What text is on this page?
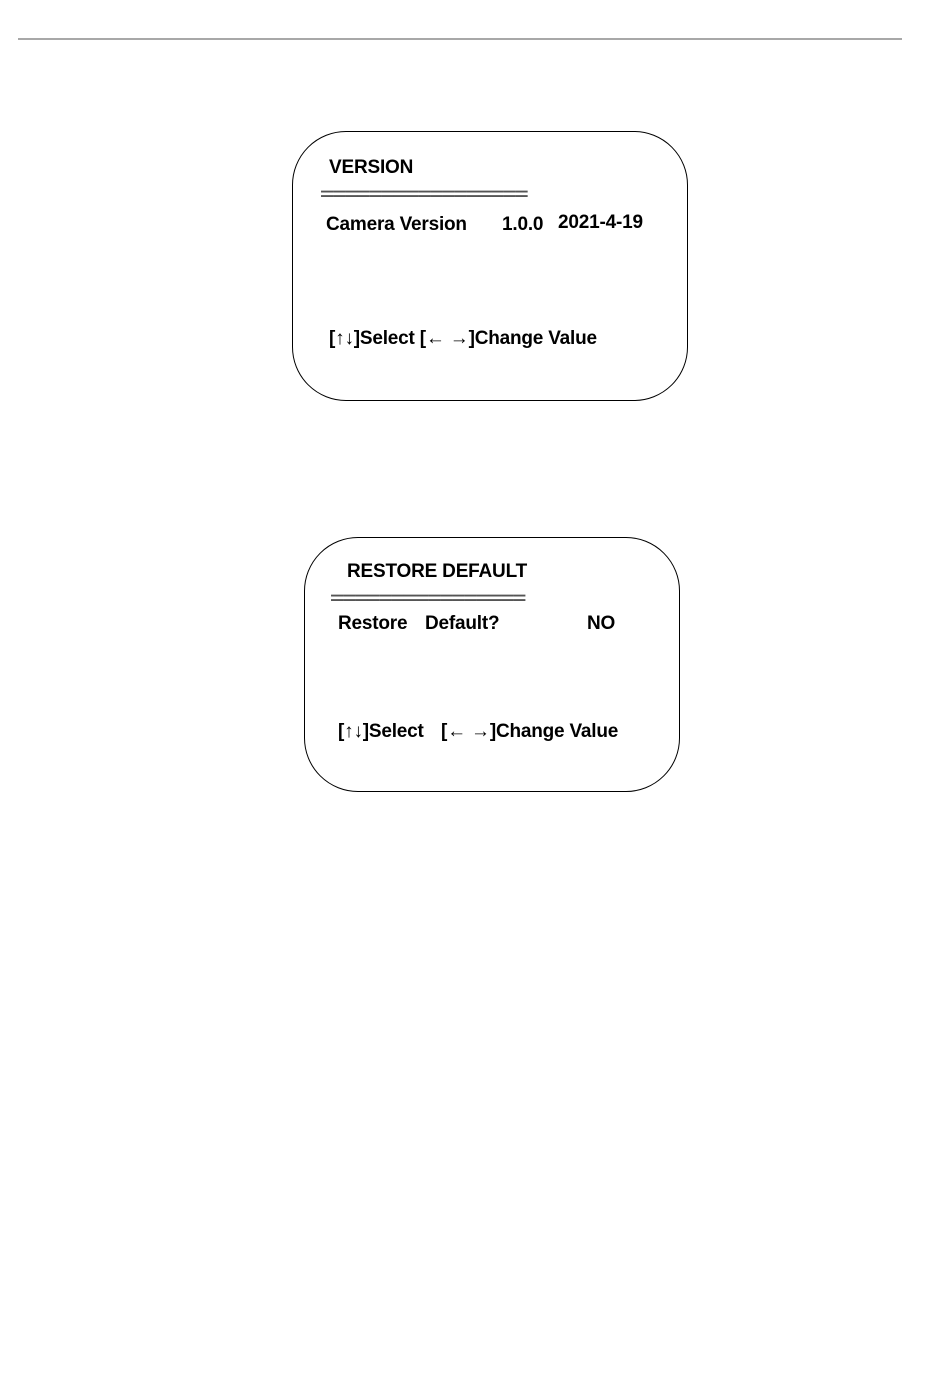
VERSION
=================
Camera Version 1.0.0 2021-4-19
[↑↓]Select [← →]Change Value
RESTORE DEFAULT
================
Restore Default?	NO
[↑↓]Select [← →]Change Value
